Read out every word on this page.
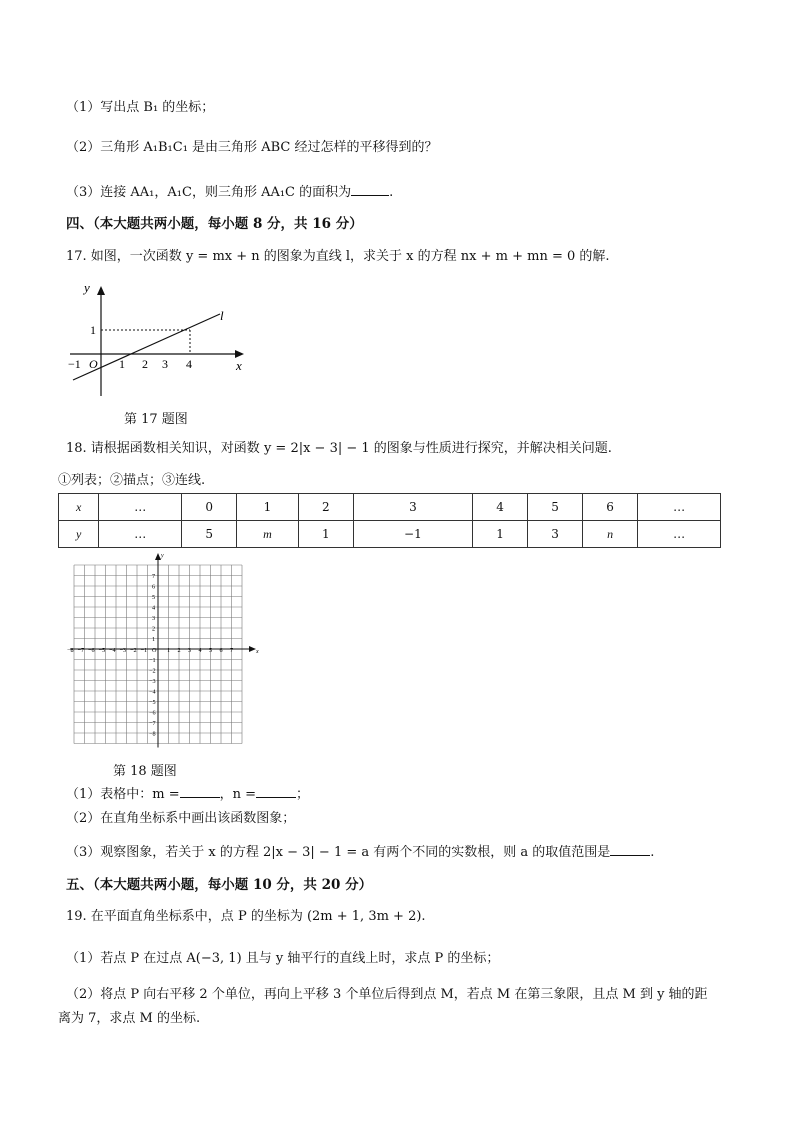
（1）写出点 B₁ 的坐标；
（2）三角形 A₁B₁C₁ 是由三角形 ABC 经过怎样的平移得到的？
（3）连接 AA₁，A₁C，则三角形 AA₁C 的面积为	.
四、（本大题共两小题，每小题 8 分，共 16 分）
17. 如图，一次函数 y = mx + n 的图象为直线 l，求关于 x 的方程 nx + m + mn = 0 的解.
y
x
l
1
−1 O 1 2 3 4
第 17 题图
18. 请根据函数相关知识，对函数 y = 2|x − 3| − 1 的图象与性质进行探究，并解决相关问题.
①列表；②描点；③连线.
x	…	0	1	2	3	4	5	6	…
y	…	5	m	1	−1	1	3	n	…
x
y
−8 −7 −6 −5 −4 −3 −2 −1 O 1 2 3 4 5 6 7
7
6
5
4
3
2
1
−1
−2
−3
−4
−5
−6
−7
−8
第 18 题图
（1）表格中：m =	，n =	；
（2）在直角坐标系中画出该函数图象；
（3）观察图象，若关于 x 的方程 2|x − 3| − 1 = a 有两个不同的实数根，则 a 的取值范围是	.
五、（本大题共两小题，每小题 10 分，共 20 分）
19. 在平面直角坐标系中，点 P 的坐标为 (2m + 1, 3m + 2).
（1）若点 P 在过点 A(−3, 1) 且与 y 轴平行的直线上时，求点 P 的坐标；
（2）将点 P 向右平移 2 个单位，再向上平移 3 个单位后得到点 M，若点 M 在第三象限，且点 M 到 y 轴的距
离为 7，求点 M 的坐标.
